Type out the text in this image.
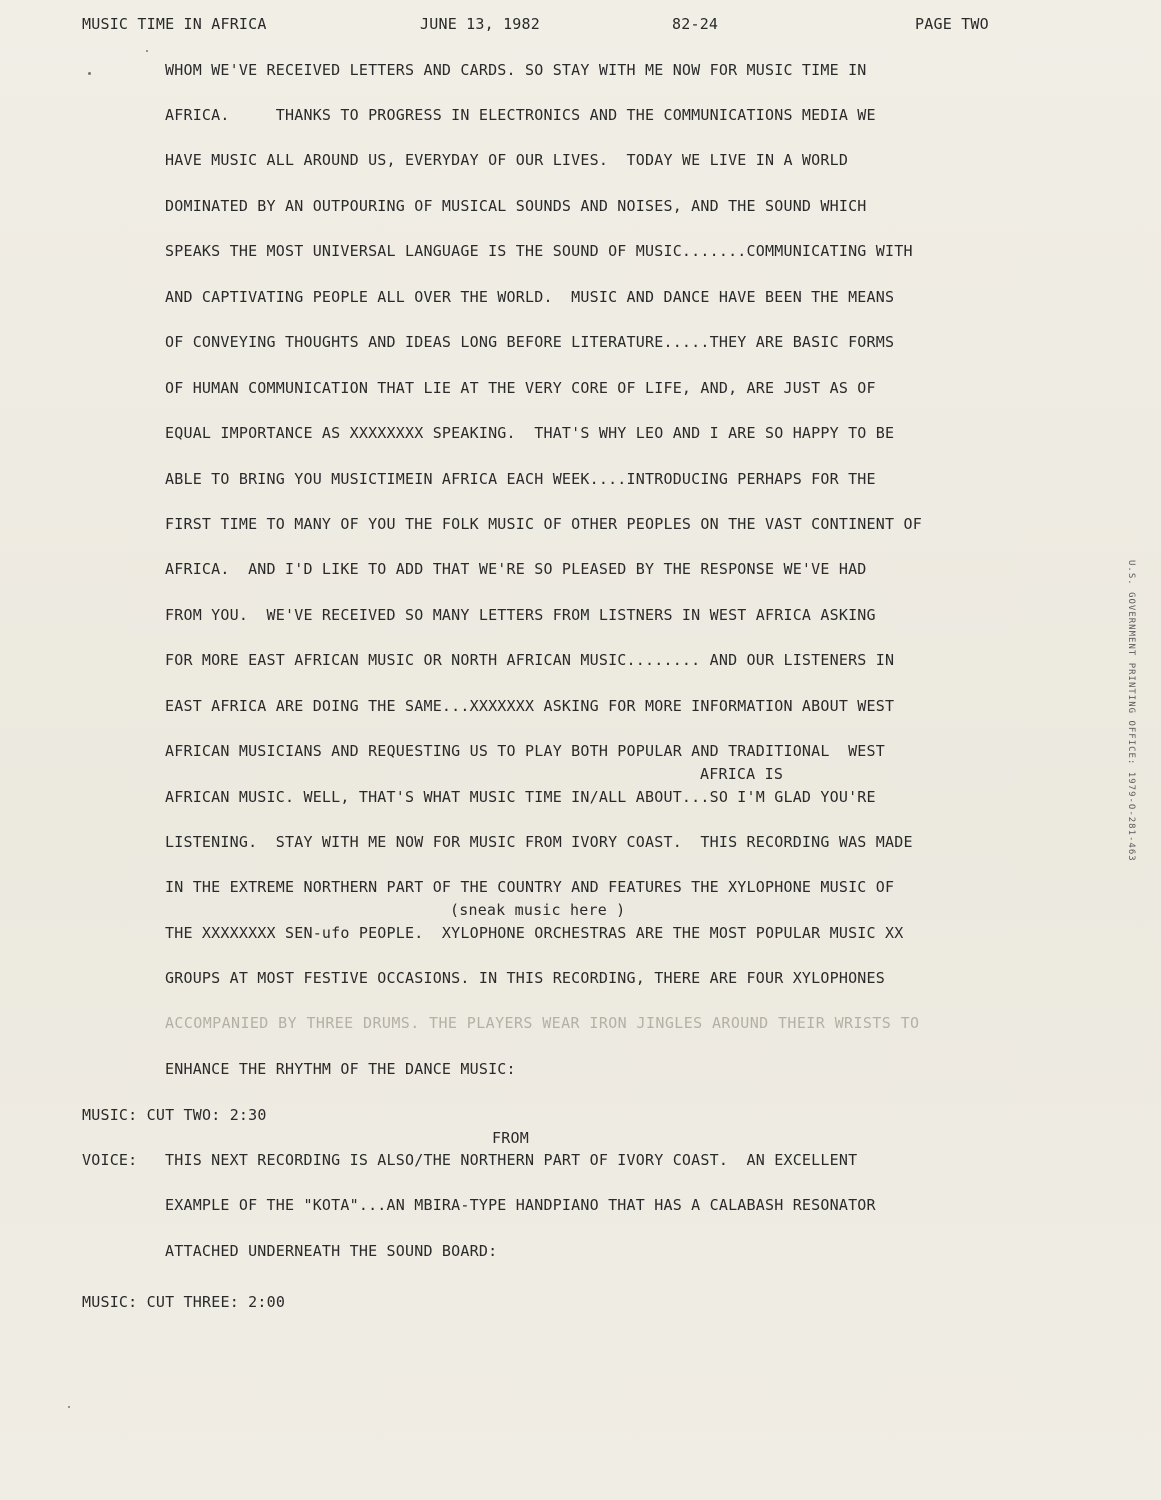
MUSIC TIME IN AFRICA	JUNE 13, 1982	82-24	PAGE TWO
WHOM WE'VE RECEIVED LETTERS AND CARDS. SO STAY WITH ME NOW FOR MUSIC TIME IN
AFRICA.     THANKS TO PROGRESS IN ELECTRONICS AND THE COMMUNICATIONS MEDIA WE
HAVE MUSIC ALL AROUND US, EVERYDAY OF OUR LIVES.  TODAY WE LIVE IN A WORLD
DOMINATED BY AN OUTPOURING OF MUSICAL SOUNDS AND NOISES, AND THE SOUND WHICH
SPEAKS THE MOST UNIVERSAL LANGUAGE IS THE SOUND OF MUSIC.......COMMUNICATING WITH
AND CAPTIVATING PEOPLE ALL OVER THE WORLD.  MUSIC AND DANCE HAVE BEEN THE MEANS
OF CONVEYING THOUGHTS AND IDEAS LONG BEFORE LITERATURE.....THEY ARE BASIC FORMS
OF HUMAN COMMUNICATION THAT LIE AT THE VERY CORE OF LIFE, AND, ARE JUST AS OF
EQUAL IMPORTANCE AS XXXXXXXX SPEAKING.  THAT'S WHY LEO AND I ARE SO HAPPY TO BE
ABLE TO BRING YOU MUSICTIMEIN AFRICA EACH WEEK....INTRODUCING PERHAPS FOR THE
FIRST TIME TO MANY OF YOU THE FOLK MUSIC OF OTHER PEOPLES ON THE VAST CONTINENT OF
AFRICA.  AND I'D LIKE TO ADD THAT WE'RE SO PLEASED BY THE RESPONSE WE'VE HAD
FROM YOU.  WE'VE RECEIVED SO MANY LETTERS FROM LISTNERS IN WEST AFRICA ASKING
FOR MORE EAST AFRICAN MUSIC OR NORTH AFRICAN MUSIC........ AND OUR LISTENERS IN
EAST AFRICA ARE DOING THE SAME...XXXXXXX ASKING FOR MORE INFORMATION ABOUT WEST
AFRICAN MUSICIANS AND REQUESTING US TO PLAY BOTH POPULAR AND TRADITIONAL  WEST
AFRICA IS
AFRICAN MUSIC. WELL, THAT'S WHAT MUSIC TIME IN/ALL ABOUT...SO I'M GLAD YOU'RE
LISTENING.  STAY WITH ME NOW FOR MUSIC FROM IVORY COAST.  THIS RECORDING WAS MADE
IN THE EXTREME NORTHERN PART OF THE COUNTRY AND FEATURES THE XYLOPHONE MUSIC OF
(sneak music here )
THE XXXXXXXX SEN-ufo PEOPLE.  XYLOPHONE ORCHESTRAS ARE THE MOST POPULAR MUSIC XX
GROUPS AT MOST FESTIVE OCCASIONS. IN THIS RECORDING, THERE ARE FOUR XYLOPHONES
ACCOMPANIED BY THREE DRUMS. THE PLAYERS WEAR IRON JINGLES AROUND THEIR WRISTS TO
ENHANCE THE RHYTHM OF THE DANCE MUSIC:
MUSIC: CUT TWO: 2:30
FROM
VOICE: THIS NEXT RECORDING IS ALSO/THE NORTHERN PART OF IVORY COAST.  AN EXCELLENT
EXAMPLE OF THE "KOTA"...AN MBIRA-TYPE HANDPIANO THAT HAS A CALABASH RESONATOR
ATTACHED UNDERNEATH THE SOUND BOARD:
MUSIC: CUT THREE: 2:00
U.S. GOVERNMENT PRINTING OFFICE: 1979-O-281-463
